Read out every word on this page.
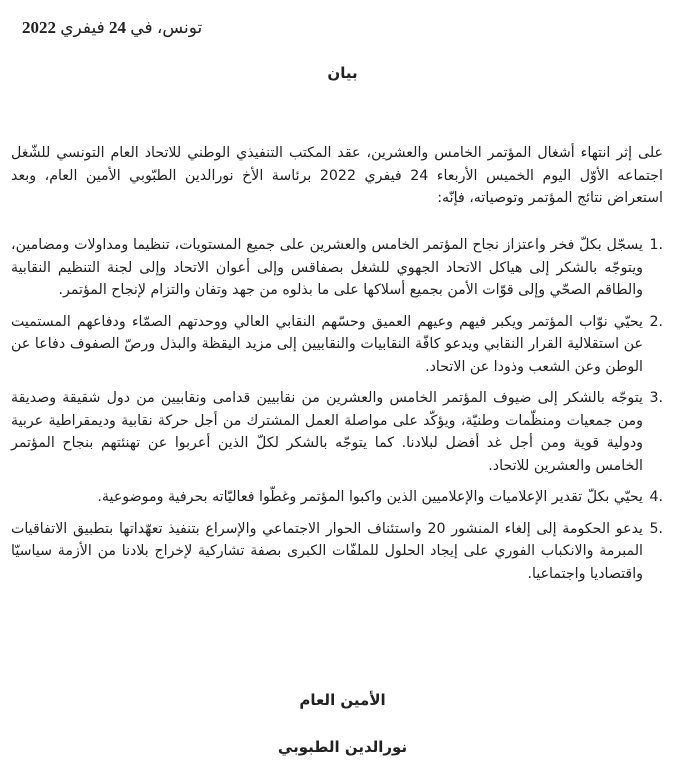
تونس، في 24 فيفري 2022
بيان

على إثر انتهاء أشغال المؤتمر الخامس والعشرين، عقد المكتب التنفيذي الوطني للاتحاد العام التونسي للشّغل اجتماعه الأوّل اليوم الخميس الأربعاء 24 فيفري 2022 برئاسة الأخ نورالدين الطبّوبي الأمين العام، وبعد استعراض نتائج المؤتمر وتوصياته، فإنّه:

1.
يسجّل بكلّ فخر واعتزاز نجاح المؤتمر الخامس والعشرين على جميع المستويات، تنظيما ومداولات ومضامين، ويتوجّه بالشكر إلى هياكل الاتحاد الجهوي للشغل بصفاقس وإلى أعوان الاتحاد وإلى لجنة التنظيم النقابية والطاقم الصحّي وإلى قوّات الأمن بجميع أسلاكها على ما بذلوه من جهد وتفان والتزام لإنجاح المؤتمر.
2.
يحيّي نوّاب المؤتمر ويكبر فيهم وعيهم العميق وحسّهم النقابي العالي ووحدتهم الصمّاء ودفاعهم المستميت عن استقلالية القرار النقابي ويدعو كافّة النقابيات والنقابيين إلى مزيد اليقظة والبذل ورصّ الصفوف دفاعا عن الوطن وعن الشعب وذودا عن الاتحاد.
3.
يتوجّه بالشكر إلى ضيوف المؤتمر الخامس والعشرين من نقابيين قدامى ونقابيين من دول شقيقة وصديقة ومن جمعيات ومنظّمات وطنيّة، ويؤكّد على مواصلة العمل المشترك من أجل حركة نقابية وديمقراطية عربية ودولية قوية ومن أجل غد أفضل لبلادنا. كما يتوجّه بالشكر لكلّ الذين أعربوا عن تهنئتهم بنجاح المؤتمر الخامس والعشرين للاتحاد.
4.
يحيّي بكلّ تقدير الإعلاميات والإعلاميين الذين واكبوا المؤتمر وغطّوا فعاليّاته بحرفية وموضوعية.
5.
يدعو الحكومة إلى إلغاء المنشور 20 واستئناف الحوار الاجتماعي والإسراع بتنفيذ تعهّداتها بتطبيق الاتفاقيات المبرمة والانكباب الفوري على إيجاد الحلول للملفّات الكبرى بصفة تشاركية لإخراج بلادنا من الأزمة سياسيّا واقتصاديا واجتماعيا.
الأمين العام
نورالدين الطبوبي
